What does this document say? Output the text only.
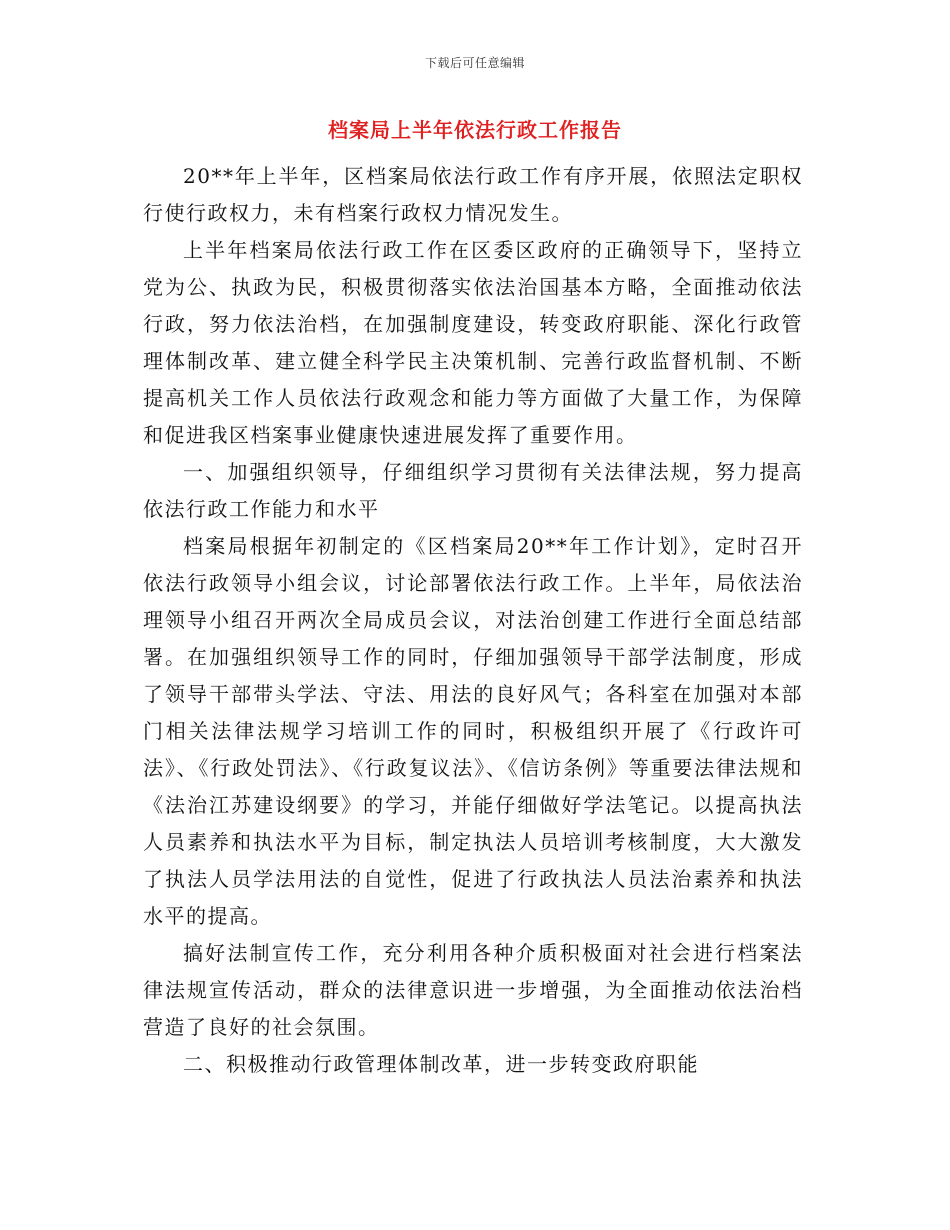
下载后可任意编辑
档案局上半年依法行政工作报告

20**年上半年，区档案局依法行政工作有序开展，依照法定职权行使行政权力，未有档案行政权力情况发生。

上半年档案局依法行政工作在区委区政府的正确领导下，坚持立党为公、执政为民，积极贯彻落实依法治国基本方略，全面推动依法行政，努力依法治档，在加强制度建设，转变政府职能、深化行政管理体制改革、建立健全科学民主决策机制、完善行政监督机制、不断提高机关工作人员依法行政观念和能力等方面做了大量工作，为保障和促进我区档案事业健康快速进展发挥了重要作用。

一、加强组织领导，仔细组织学习贯彻有关法律法规，努力提高依法行政工作能力和水平

档案局根据年初制定的《区档案局20**年工作计划》，定时召开依法行政领导小组会议，讨论部署依法行政工作。上半年，局依法治理领导小组召开两次全局成员会议，对法治创建工作进行全面总结部署。在加强组织领导工作的同时，仔细加强领导干部学法制度，形成了领导干部带头学法、守法、用法的良好风气；各科室在加强对本部门相关法律法规学习培训工作的同时，积极组织开展了《行政许可法》、《行政处罚法》、《行政复议法》、《信访条例》等重要法律法规和《法治江苏建设纲要》的学习，并能仔细做好学法笔记。以提高执法人员素养和执法水平为目标，制定执法人员培训考核制度，大大激发了执法人员学法用法的自觉性，促进了行政执法人员法治素养和执法水平的提高。

搞好法制宣传工作，充分利用各种介质积极面对社会进行档案法律法规宣传活动，群众的法律意识进一步增强，为全面推动依法治档营造了良好的社会氛围。

二、积极推动行政管理体制改革，进一步转变政府职能
